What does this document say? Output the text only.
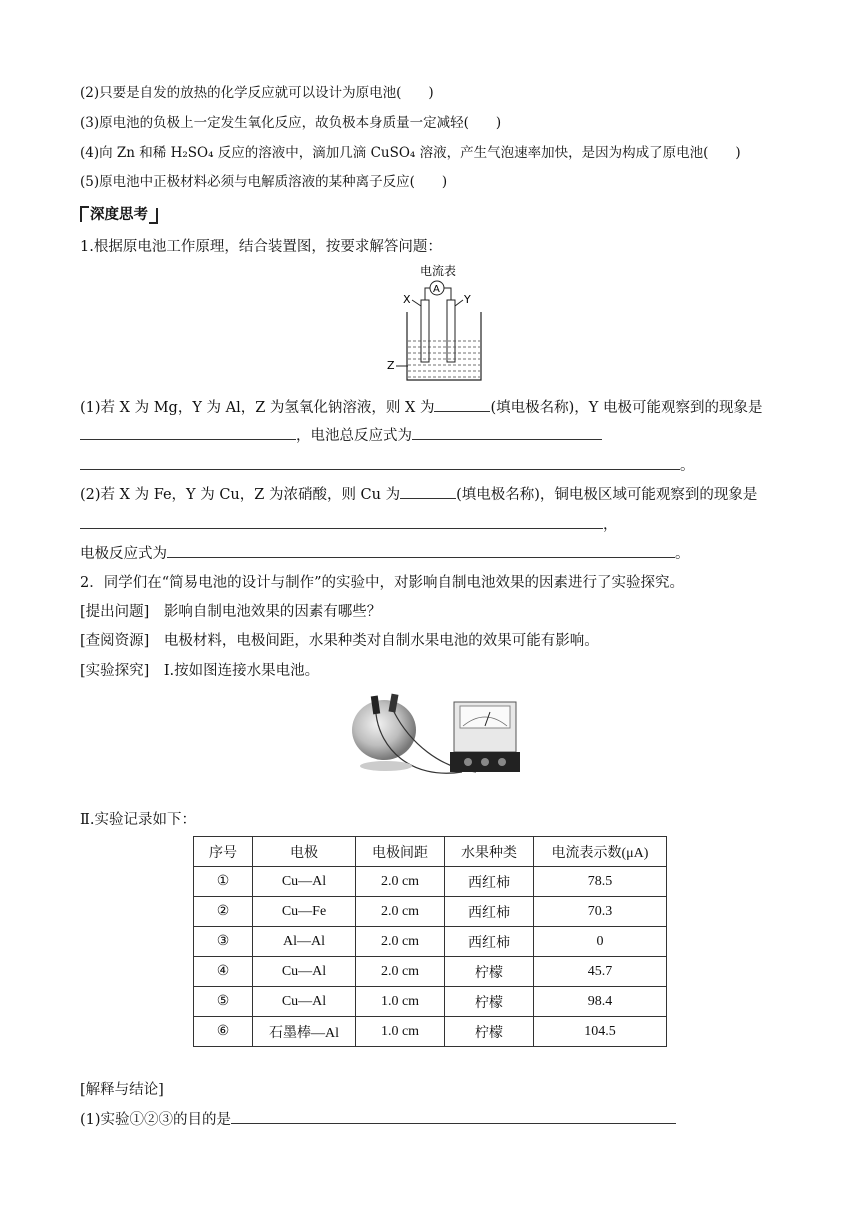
(2)只要是自发的放热的化学反应就可以设计为原电池(　　)
(3)原电池的负极上一定发生氧化反应，故负极本身质量一定减轻(　　)
(4)向 Zn 和稀 H₂SO₄ 反应的溶液中，滴加几滴 CuSO₄ 溶液，产生气泡速率加快，是因为构成了原电池(　　)
(5)原电池中正极材料必须与电解质溶液的某种离子反应(　　)
深度思考
1.根据原电池工作原理，结合装置图，按要求解答问题：
电流表
A
X	Y
Z
(1)若 X 为 Mg，Y 为 Al，Z 为氢氧化钠溶液，则 X 为	(填电极名称)，Y 电极可能观察到的现象是
，电池总反应式为
。
(2)若 X 为 Fe，Y 为 Cu，Z 为浓硝酸，则 Cu 为	(填电极名称)，铜电极区域可能观察到的现象是
，
电极反应式为	。
2．同学们在“简易电池的设计与制作”的实验中，对影响自制电池效果的因素进行了实验探究。
[提出问题]　影响自制电池效果的因素有哪些？
[查阅资源]　电极材料，电极间距，水果种类对自制水果电池的效果可能有影响。
[实验探究]　Ⅰ.按如图连接水果电池。
Ⅱ.实验记录如下：
序号	电极	电极间距	水果种类	电流表示数(μA)
①	Cu—Al	2.0 cm	西红柿	78.5
②	Cu—Fe	2.0 cm	西红柿	70.3
③	Al—Al	2.0 cm	西红柿	0
④	Cu—Al	2.0 cm	柠檬	45.7
⑤	Cu—Al	1.0 cm	柠檬	98.4
⑥	石墨棒—Al	1.0 cm	柠檬	104.5
[解释与结论]
(1)实验①②③的目的是
